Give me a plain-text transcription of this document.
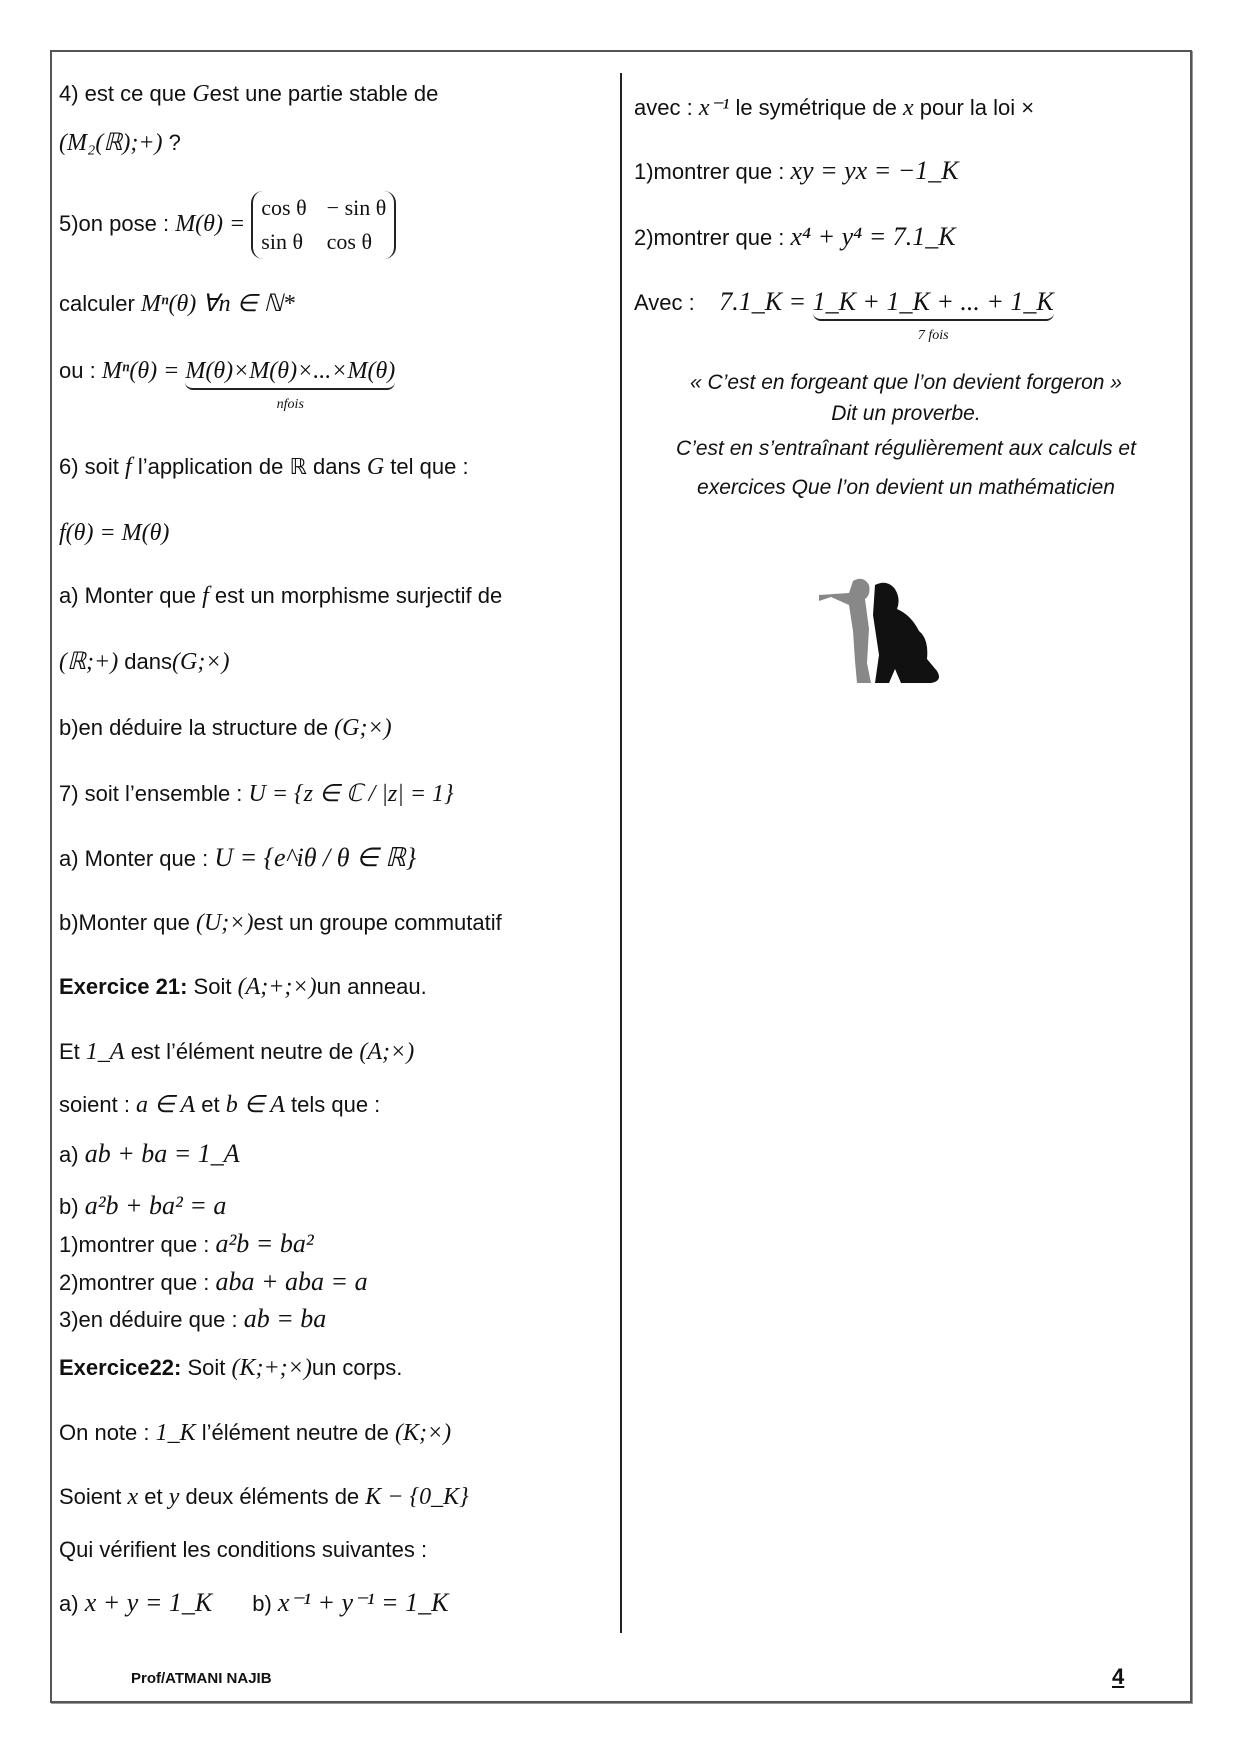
4) est ce que Gest une partie stable de
(M₂(ℝ);+) ?
5)on pose : M(θ) =
cos θ − sin θ
sin θ cos θ
calculer Mⁿ(θ) ∀n ∈ ℕ*
ou : Mⁿ(θ) = M(θ)×M(θ)×...×M(θ)
nfois
6) soit f l’application de ℝ dans G tel que :
f(θ) = M(θ)
a) Monter que f est un morphisme surjectif de
(ℝ;+) dans(G;×)
b)en déduire la structure de (G;×)
7) soit l’ensemble : U = {z ∈ ℂ / |z| = 1}
a) Monter que : U = {e^iθ / θ ∈ ℝ}
b)Monter que (U;×)est un groupe commutatif
Exercice 21: Soit (A;+;×)un anneau.
Et 1_A est l’élément neutre de (A;×)
soient : a ∈ A et b ∈ A tels que :
a) ab + ba = 1_A
b) a²b + ba² = a
1)montrer que : a²b = ba²
2)montrer que : aba + aba = a
3)en déduire que : ab = ba
Exercice22: Soit (K;+;×)un corps.
On note : 1_K l’élément neutre de (K;×)
Soient x et y deux éléments de K − {0_K}
Qui vérifient les conditions suivantes :
a) x + y = 1_K b) x⁻¹ + y⁻¹ = 1_K
avec : x⁻¹ le symétrique de x pour la loi ×
1)montrer que : xy = yx = −1_K
2)montrer que : x⁴ + y⁴ = 7.1_K
Avec :    7.1_K = 1_K + 1_K + ... + 1_K
7 fois
« C’est en forgeant que l’on devient forgeron »
Dit un proverbe.
C’est en s’entraînant régulièrement aux calculs et
exercices Que l’on devient un mathématicien
Prof/ATMANI NAJIB	4
